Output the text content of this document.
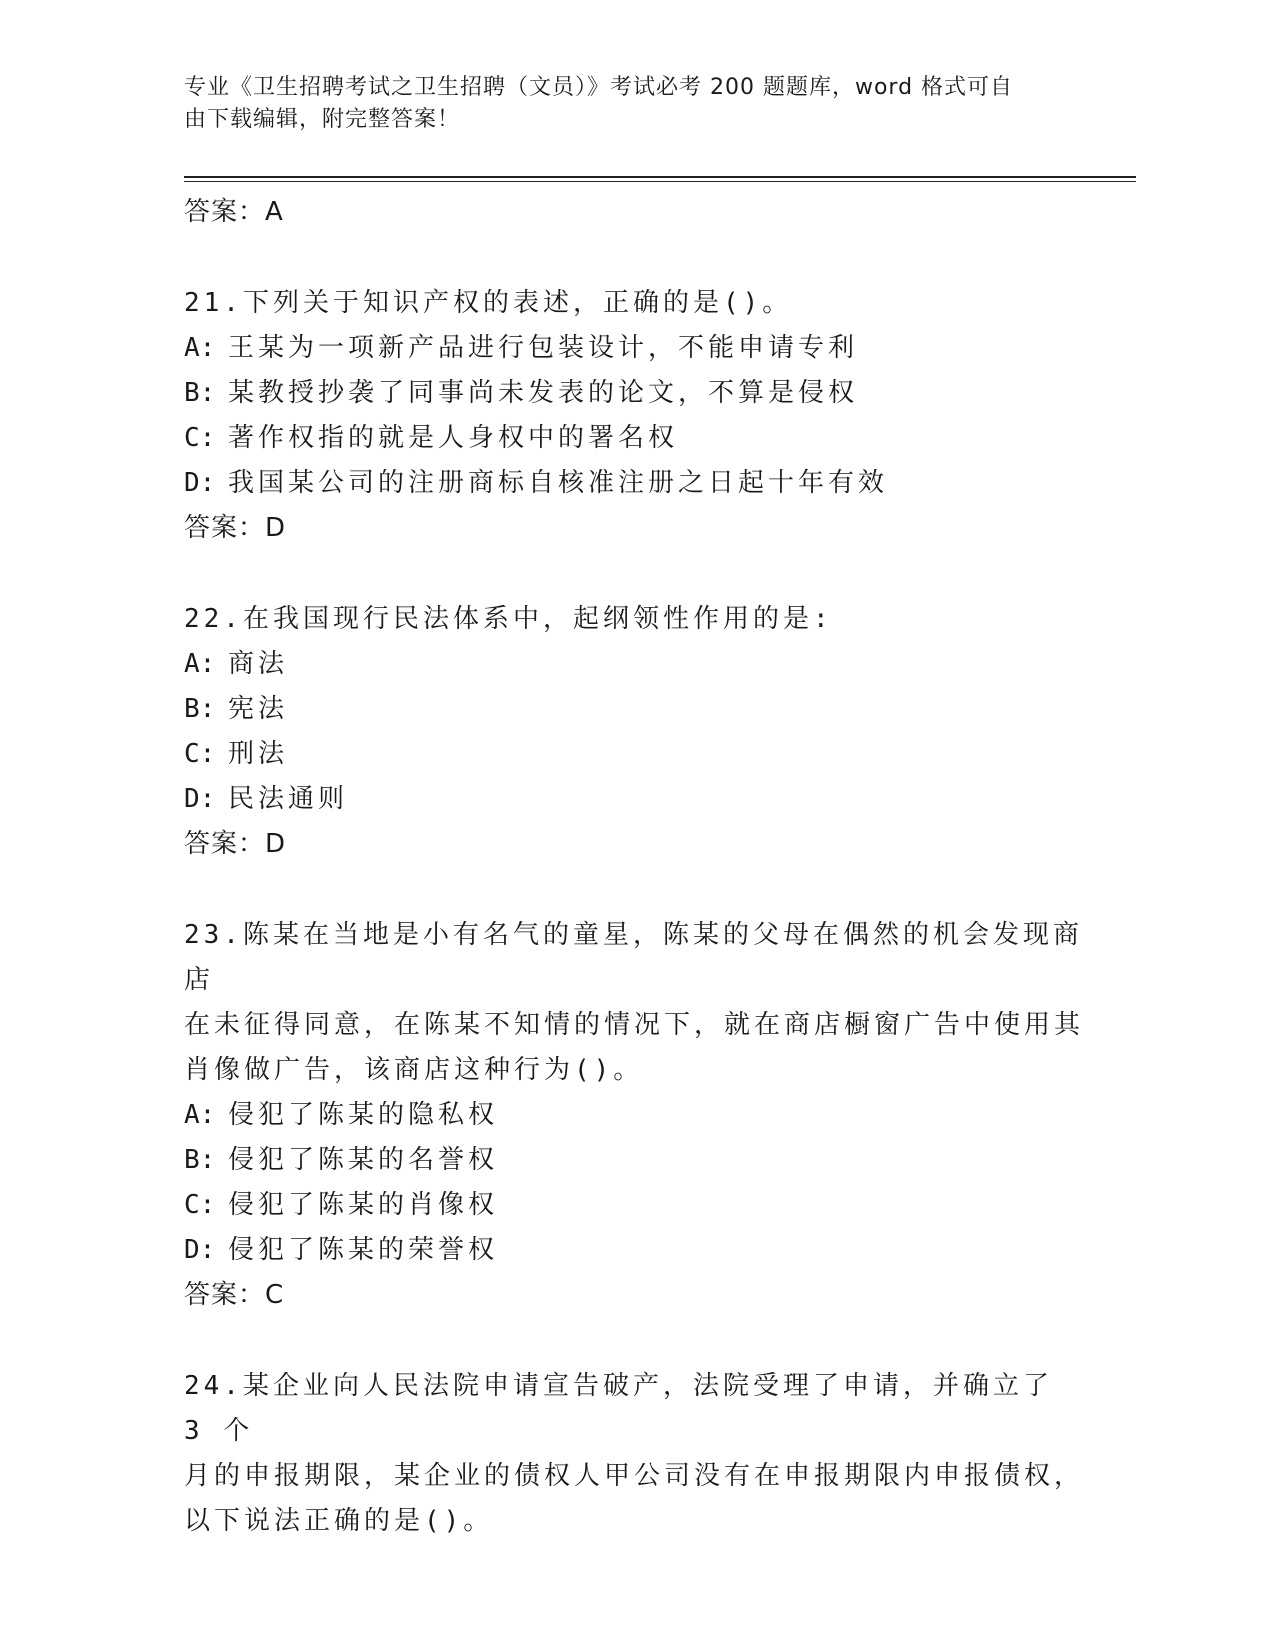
专业《卫生招聘考试之卫生招聘（文员）》考试必考 200 题题库，word 格式可自
由下载编辑，附完整答案！
答案：A
21.下列关于知识产权的表述，正确的是()。
A: 王某为一项新产品进行包装设计，不能申请专利
B: 某教授抄袭了同事尚未发表的论文，不算是侵权
C: 著作权指的就是人身权中的署名权
D: 我国某公司的注册商标自核准注册之日起十年有效
答案：D
22.在我国现行民法体系中，起纲领性作用的是:
A: 商法
B: 宪法
C: 刑法
D: 民法通则
答案：D
23.陈某在当地是小有名气的童星，陈某的父母在偶然的机会发现商店
在未征得同意，在陈某不知情的情况下，就在商店橱窗广告中使用其
肖像做广告，该商店这种行为()。
A: 侵犯了陈某的隐私权
B: 侵犯了陈某的名誉权
C: 侵犯了陈某的肖像权
D: 侵犯了陈某的荣誉权
答案：C
24.某企业向人民法院申请宣告破产，法院受理了申请，并确立了 3 个
月的申报期限，某企业的债权人甲公司没有在申报期限内申报债权，
以下说法正确的是()。
